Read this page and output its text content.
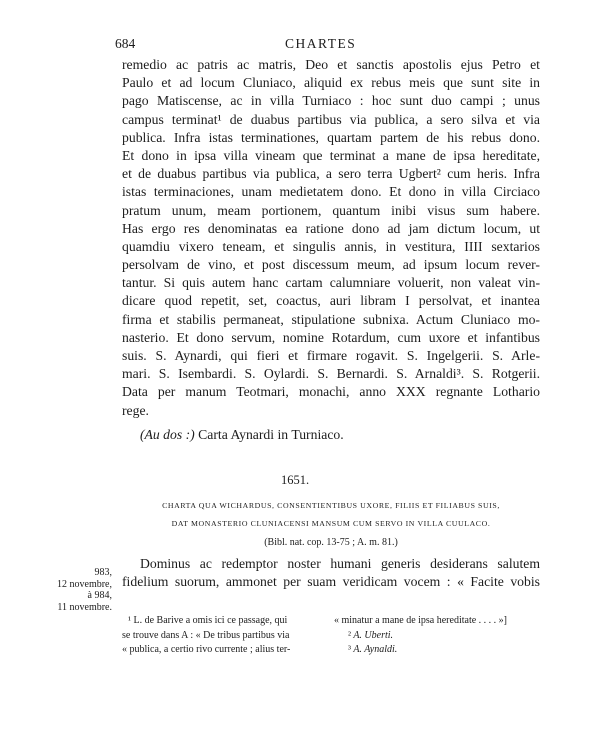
684	CHARTES
remedio ac patris ac matris, Deo et sanctis apostolis ejus Petro et
Paulo et ad locum Cluniaco, aliquid ex rebus meis que sunt site in
pago Matiscense, ac in villa Turniaco : hoc sunt duo campi ; unus
campus terminat¹ de duabus partibus via publica, a sero silva et via
publica. Infra istas terminationes, quartam partem de his rebus dono.
Et dono in ipsa villa vineam que terminat a mane de ipsa hereditate,
et de duabus partibus via publica, a sero terra Ugbert² cum heris. Infra
istas terminaciones, unam medietatem dono. Et dono in villa Circiaco
pratum unum, meam portionem, quantum inibi visus sum habere.
Has ergo res denominatas ea ratione dono ad jam dictum locum, ut
quamdiu vixero teneam, et singulis annis, in vestitura, IIII sextarios
persolvam de vino, et post discessum meum, ad ipsum locum rever-
tantur. Si quis autem hanc cartam calumniare voluerit, non valeat vin-
dicare quod repetit, set, coactus, auri libram I persolvat, et inantea
firma et stabilis permaneat, stipulatione subnixa. Actum Cluniaco mo-
nasterio. Et dono servum, nomine Rotardum, cum uxore et infantibus
suis. S. Aynardi, qui fieri et firmare rogavit. S. Ingelgerii. S. Arle-
mari. S. Isembardi. S. Oylardi. S. Bernardi. S. Arnaldi³. S. Rotgerii.
Data per manum Teotmari, monachi, anno XXX regnante Lothario
rege.
(Au dos :) Carta Aynardi in Turniaco.
1651.
CHARTA QUA WICHARDUS, CONSENTIENTIBUS UXORE, FILIIS ET FILIABUS SUIS,
DAT MONASTERIO CLUNIACENSI MANSUM CUM SERVO IN VILLA CUULACO.
(Bibl. nat. cop. 13-75 ; A. m. 81.)
983,
12 novembre,
à 984,
11 novembre.
Dominus ac redemptor noster humani generis desiderans salutem
fidelium suorum, ammonet per suam veridicam vocem : « Facite vobis
¹ L. de Barive a omis ici ce passage, qui
se trouve dans A : « De tribus partibus via
« publica, a certio rivo currente ; alius ter-
« minatur a mane de ipsa hereditate . . . . »]
² A. Uberti.
³ A. Aynaldi.
